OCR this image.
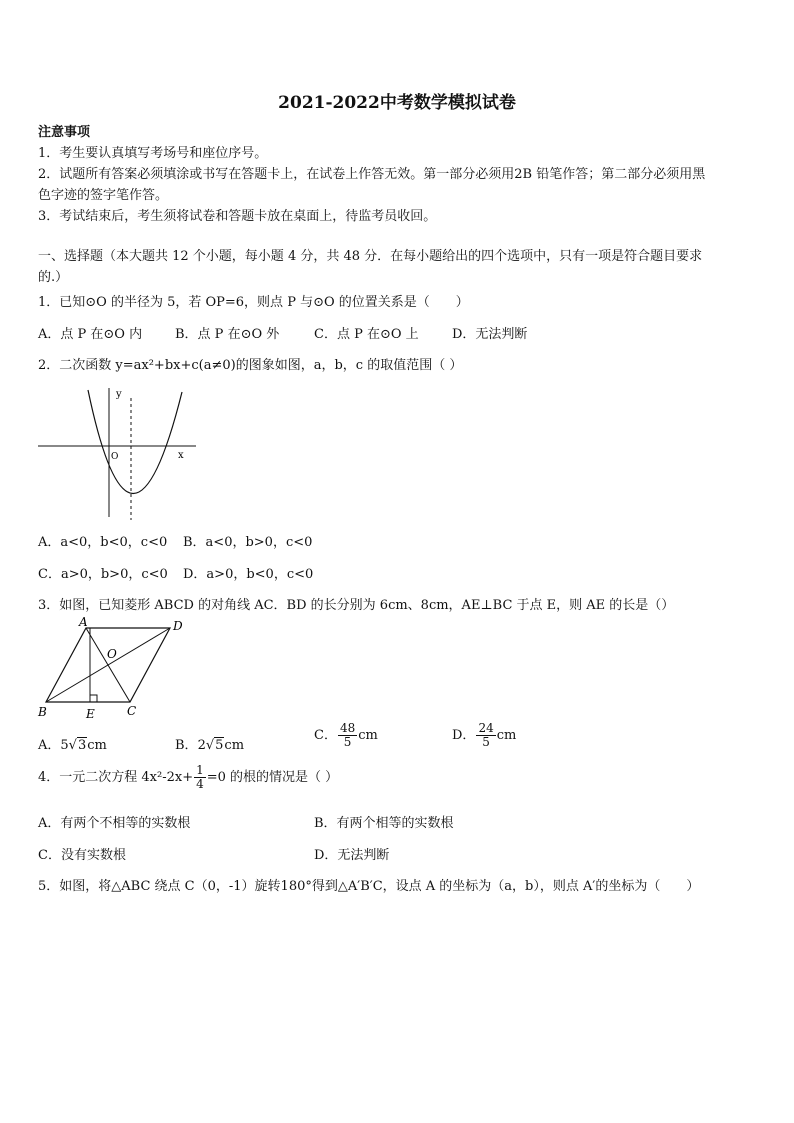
2021-2022中考数学模拟试卷
注意事项
1．考生要认真填写考场号和座位序号。
2．试题所有答案必须填涂或书写在答题卡上，在试卷上作答无效。第一部分必须用2B 铅笔作答；第二部分必须用黑
色字迹的签字笔作答。
3．考试结束后，考生须将试卷和答题卡放在桌面上，待监考员收回。
一、选择题（本大题共 12 个小题，每小题 4 分，共 48 分．在每小题给出的四个选项中，只有一项是符合题目要求
的.）
1．已知⊙O 的半径为 5，若 OP=6，则点 P 与⊙O 的位置关系是（　　）
A．点 P 在⊙O 内	B．点 P 在⊙O 外	C．点 P 在⊙O 上	D．无法判断
2．二次函数 y=ax²+bx+c(a≠0)的图象如图，a，b，c 的取值范围（ ）
y
x
O
A．a<0，b<0，c<0 B．a<0，b>0，c<0
C．a>0，b>0，c<0 D．a>0，b<0，c<0
3．如图，已知菱形 ABCD 的对角线 AC．BD 的长分别为 6cm、8cm，AE⊥BC 于点 E，则 AE 的长是（）
A	D
B	E	C
O
A．5√3cm	B．2√5cm
C． $\frac{48}{5}$ cm	D． $\frac{24}{5}$ cm
4．一元二次方程 $4x^2-2x+ \frac{1}{4} =0$ 的根的情况是（ ）
A．有两个不相等的实数根	B．有两个相等的实数根
C．没有实数根	D．无法判断
5．如图，将△ABC 绕点 C（0，-1）旋转180°得到△A′B′C，设点 A 的坐标为（a，b），则点 A′的坐标为（　　）
